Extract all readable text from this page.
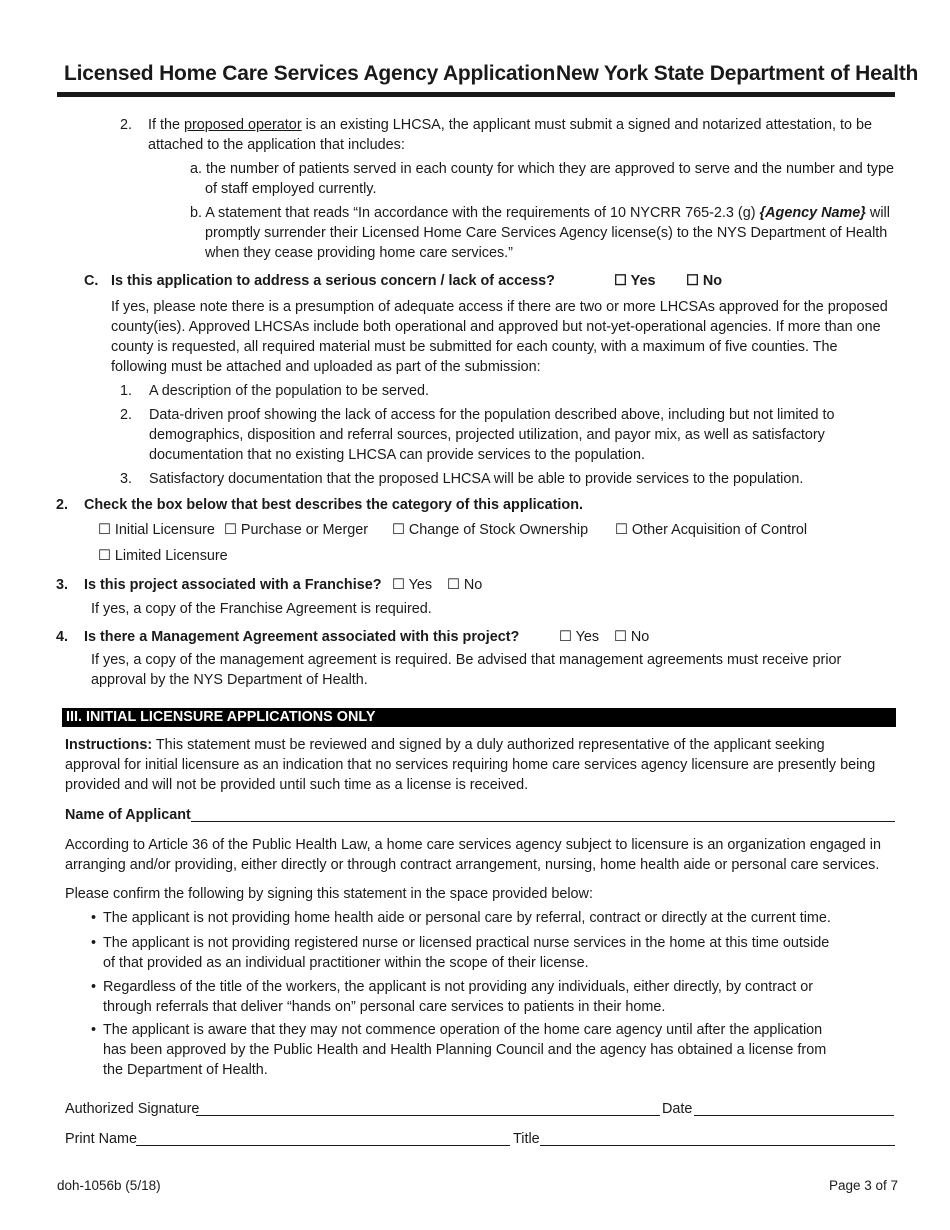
Licensed Home Care Services Agency Application New York State Department of Health
2. If the proposed operator is an existing LHCSA, the applicant must submit a signed and notarized attestation, to be attached to the application that includes:
a. the number of patients served in each county for which they are approved to serve and the number and type of staff employed currently.
b. A statement that reads “In accordance with the requirements of 10 NYCRR 765-2.3 (g) {Agency Name} will promptly surrender their Licensed Home Care Services Agency license(s) to the NYS Department of Health when they cease providing home care services.”
C. Is this application to address a serious concern / lack of access?	☐ Yes ☐ No
If yes, please note there is a presumption of adequate access if there are two or more LHCSAs approved for the proposed county(ies). Approved LHCSAs include both operational and approved but not-yet-operational agencies. If more than one county is requested, all required material must be submitted for each county, with a maximum of five counties. The following must be attached and uploaded as part of the submission:
1. A description of the population to be served.
2. Data-driven proof showing the lack of access for the population described above, including but not limited to demographics, disposition and referral sources, projected utilization, and payor mix, as well as satisfactory documentation that no existing LHCSA can provide services to the population.
3. Satisfactory documentation that the proposed LHCSA will be able to provide services to the population.
2. Check the box below that best describes the category of this application.
☐ Initial Licensure ☐ Purchase or Merger ☐ Change of Stock Ownership ☐ Other Acquisition of Control
☐ Limited Licensure
3. Is this project associated with a Franchise? ☐ Yes ☐ No
If yes, a copy of the Franchise Agreement is required.
4. Is there a Management Agreement associated with this project?	☐ Yes ☐ No
If yes, a copy of the management agreement is required. Be advised that management agreements must receive prior approval by the NYS Department of Health.
III. INITIAL LICENSURE APPLICATIONS ONLY
Instructions: This statement must be reviewed and signed by a duly authorized representative of the applicant seeking approval for initial licensure as an indication that no services requiring home care services agency licensure are presently being provided and will not be provided until such time as a license is received.
Name of Applicant
According to Article 36 of the Public Health Law, a home care services agency subject to licensure is an organization engaged in arranging and/or providing, either directly or through contract arrangement, nursing, home health aide or personal care services.
Please confirm the following by signing this statement in the space provided below:
• The applicant is not providing home health aide or personal care by referral, contract or directly at the current time.
• The applicant is not providing registered nurse or licensed practical nurse services in the home at this time outside of that provided as an individual practitioner within the scope of their license.
• Regardless of the title of the workers, the applicant is not providing any individuals, either directly, by contract or through referrals that deliver “hands on” personal care services to patients in their home.
• The applicant is aware that they may not commence operation of the home care agency until after the application has been approved by the Public Health and Health Planning Council and the agency has obtained a license from the Department of Health.
Authorized Signature	Date
Print Name	Title
doh-1056b (5/18)	Page 3 of 7
